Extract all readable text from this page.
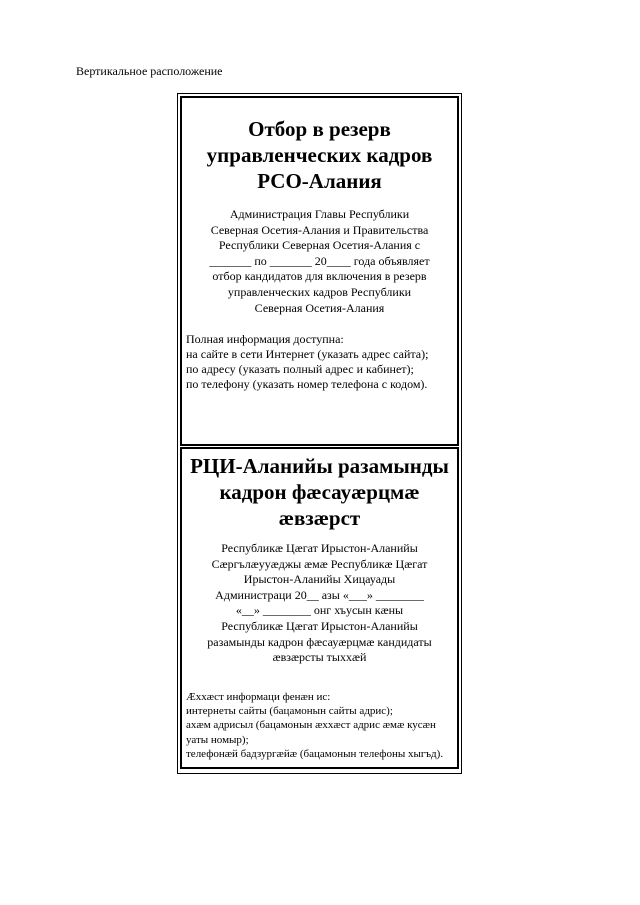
Вертикальное расположение
Отбор в резерв
управленческих кадров
РСО-Алания
Администрация Главы Республики
Северная Осетия-Алания и Правительства
Республики Северная Осетия-Алания с
_______ по _______ 20____ года объявляет
отбор кандидатов для включения в резерв
управленческих кадров Республики
Северная Осетия-Алания
Полная информация доступна:
на сайте в сети Интернет (указать адрес сайта);
по адресу (указать полный адрес и кабинет);
по телефону (указать номер телефона с кодом).
РЦИ-Аланийы разамынды
кадрон фæсауæрцмæ
æвзæрст
Республикæ Цæгат Ирыстон-Аланийы
Сæргълæууæджы æмæ Республикæ Цæгат
Ирыстон-Аланийы Хицауады
Администраци 20__ азы «___» ________
«__» ________ онг хъусын кæны
Республикæ Цæгат Ирыстон-Аланийы
разамынды кадрон фæсауæрцмæ кандидаты
æвзæрсты тыххæй
Æххæст информаци фенæн ис:
интернеты сайты (бацамонын сайты адрис);
ахæм адрисыл (бацамонын æххæст адрис æмæ кусæн уаты номыр);
телефонæй бадзургæйæ (бацамонын телефоны хыгъд).
